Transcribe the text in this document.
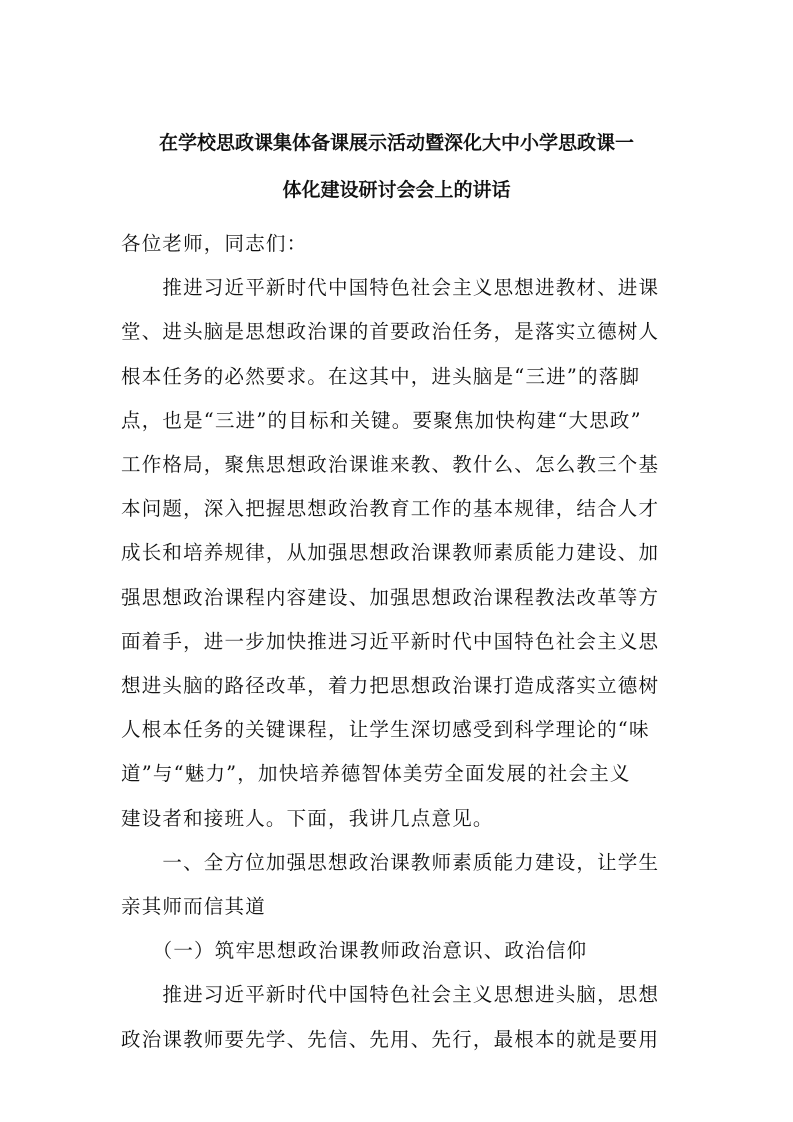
在学校思政课集体备课展示活动暨深化大中小学思政课一
体化建设研讨会会上的讲话
各位老师，同志们：
　　推进习近平新时代中国特色社会主义思想进教材、进课
堂、进头脑是思想政治课的首要政治任务，是落实立德树人
根本任务的必然要求。在这其中，进头脑是“三进”的落脚
点，也是“三进”的目标和关键。要聚焦加快构建“大思政”
工作格局，聚焦思想政治课谁来教、教什么、怎么教三个基
本问题，深入把握思想政治教育工作的基本规律，结合人才
成长和培养规律，从加强思想政治课教师素质能力建设、加
强思想政治课程内容建设、加强思想政治课程教法改革等方
面着手，进一步加快推进习近平新时代中国特色社会主义思
想进头脑的路径改革，着力把思想政治课打造成落实立德树
人根本任务的关键课程，让学生深切感受到科学理论的“味
道”与“魅力”，加快培养德智体美劳全面发展的社会主义
建设者和接班人。下面，我讲几点意见。
　　一、全方位加强思想政治课教师素质能力建设，让学生
亲其师而信其道
　　（一）筑牢思想政治课教师政治意识、政治信仰
　　推进习近平新时代中国特色社会主义思想进头脑，思想
政治课教师要先学、先信、先用、先行，最根本的就是要用
